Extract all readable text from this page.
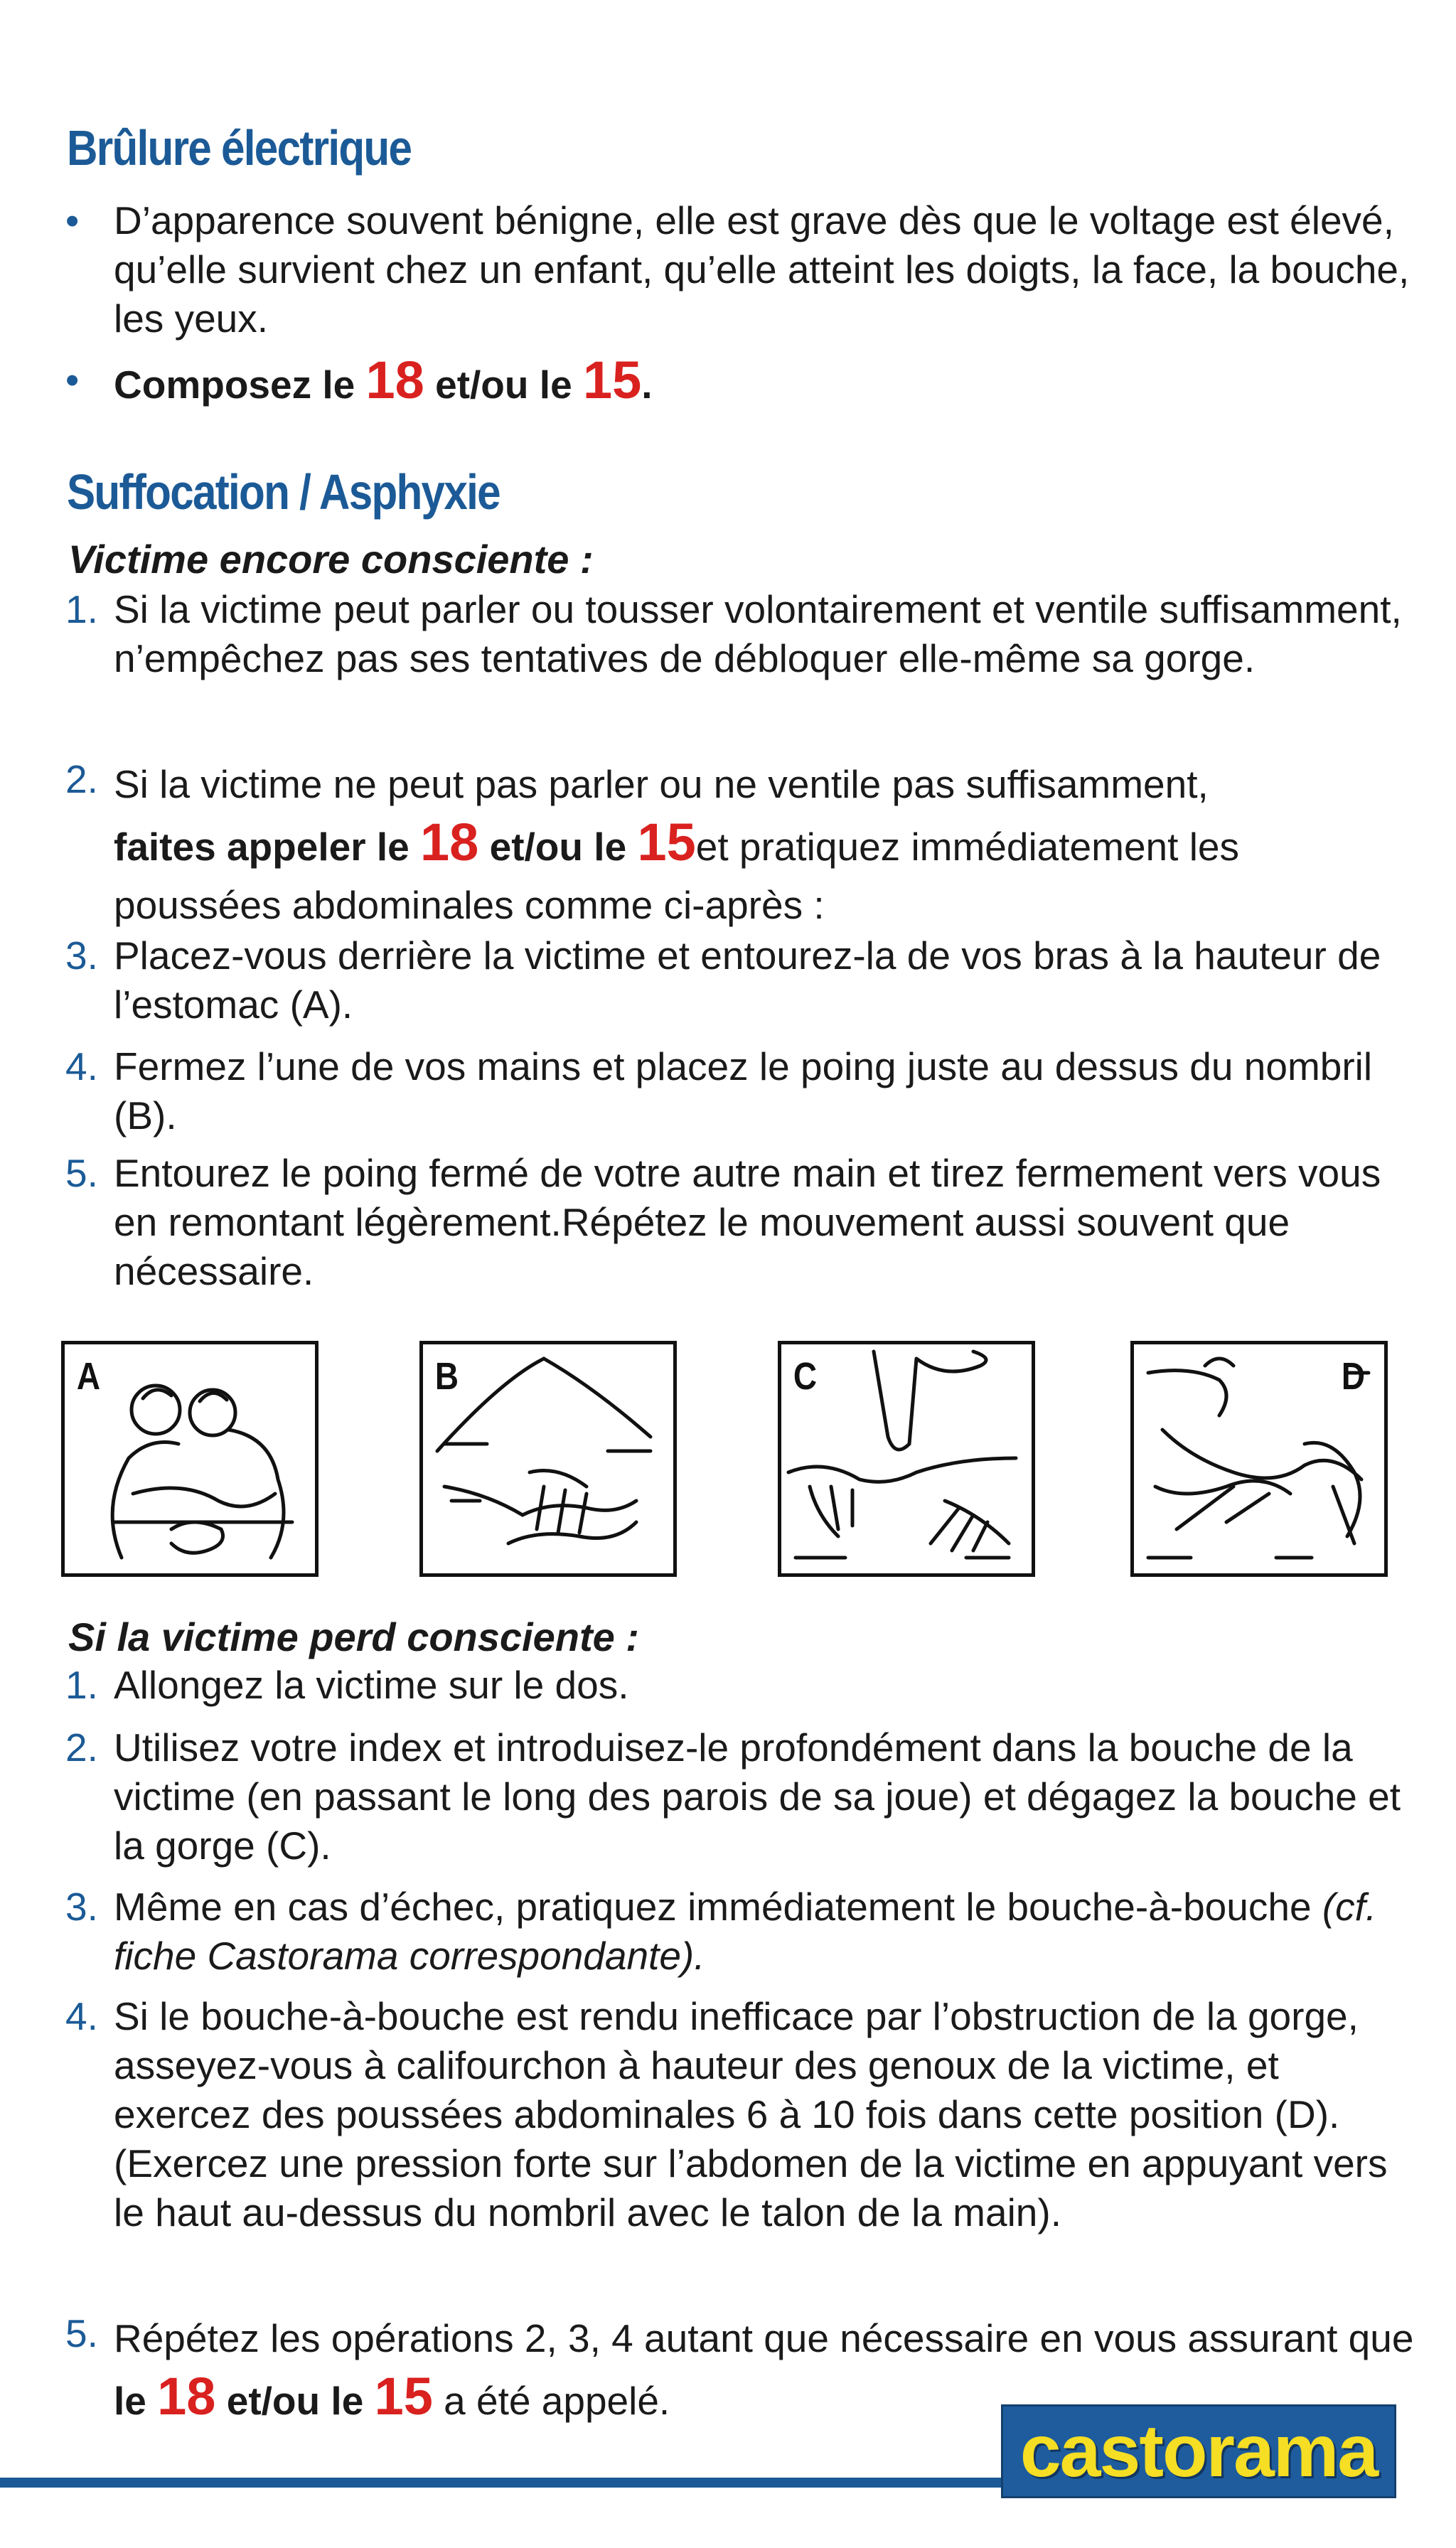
Brûlure électrique
• D’apparence souvent bénigne, elle est grave dès que le voltage est élevé, qu’elle survient chez un enfant, qu’elle atteint les doigts, la face, la bouche, les yeux.
• Composez le 18 et/ou le 15.
Suffocation / Asphyxie
Victime encore consciente :
1. Si la victime peut parler ou tousser volontairement et ventile suffisamment, n’empêchez pas ses tentatives de débloquer elle-même sa gorge.
2. Si la victime ne peut pas parler ou ne ventile pas suffisamment,
faites appeler le 18 et/ou le 15et pratiquez immédiatement les poussées abdominales comme ci-après :
3. Placez-vous derrière la victime et entourez-la de vos bras à la hauteur de l’estomac (A).
4. Fermez l’une de vos mains et placez le poing juste au dessus du nombril (B).
5. Entourez le poing fermé de votre autre main et tirez fermement vers vous en remontant légèrement.Répétez le mouvement aussi souvent que nécessaire.
A	B	C	D
Si la victime perd consciente :
1. Allongez la victime sur le dos.
2. Utilisez votre index et introduisez-le profondément dans la bouche de la victime (en passant le long des parois de sa joue) et dégagez la bouche et la gorge (C).
3. Même en cas d’échec, pratiquez immédiatement le bouche-à-bouche (cf. fiche Castorama correspondante).
4. Si le bouche-à-bouche est rendu inefficace par l’obstruction de la gorge, asseyez-vous à califourchon à hauteur des genoux de la victime, et exercez des poussées abdominales 6 à 10 fois dans cette position (D). (Exercez une pression forte sur l’abdomen de la victime en appuyant vers le haut au-dessus du nombril avec le talon de la main).
5. Répétez les opérations 2, 3, 4 autant que nécessaire en vous assurant que le 18 et/ou le 15 a été appelé.
castorama
